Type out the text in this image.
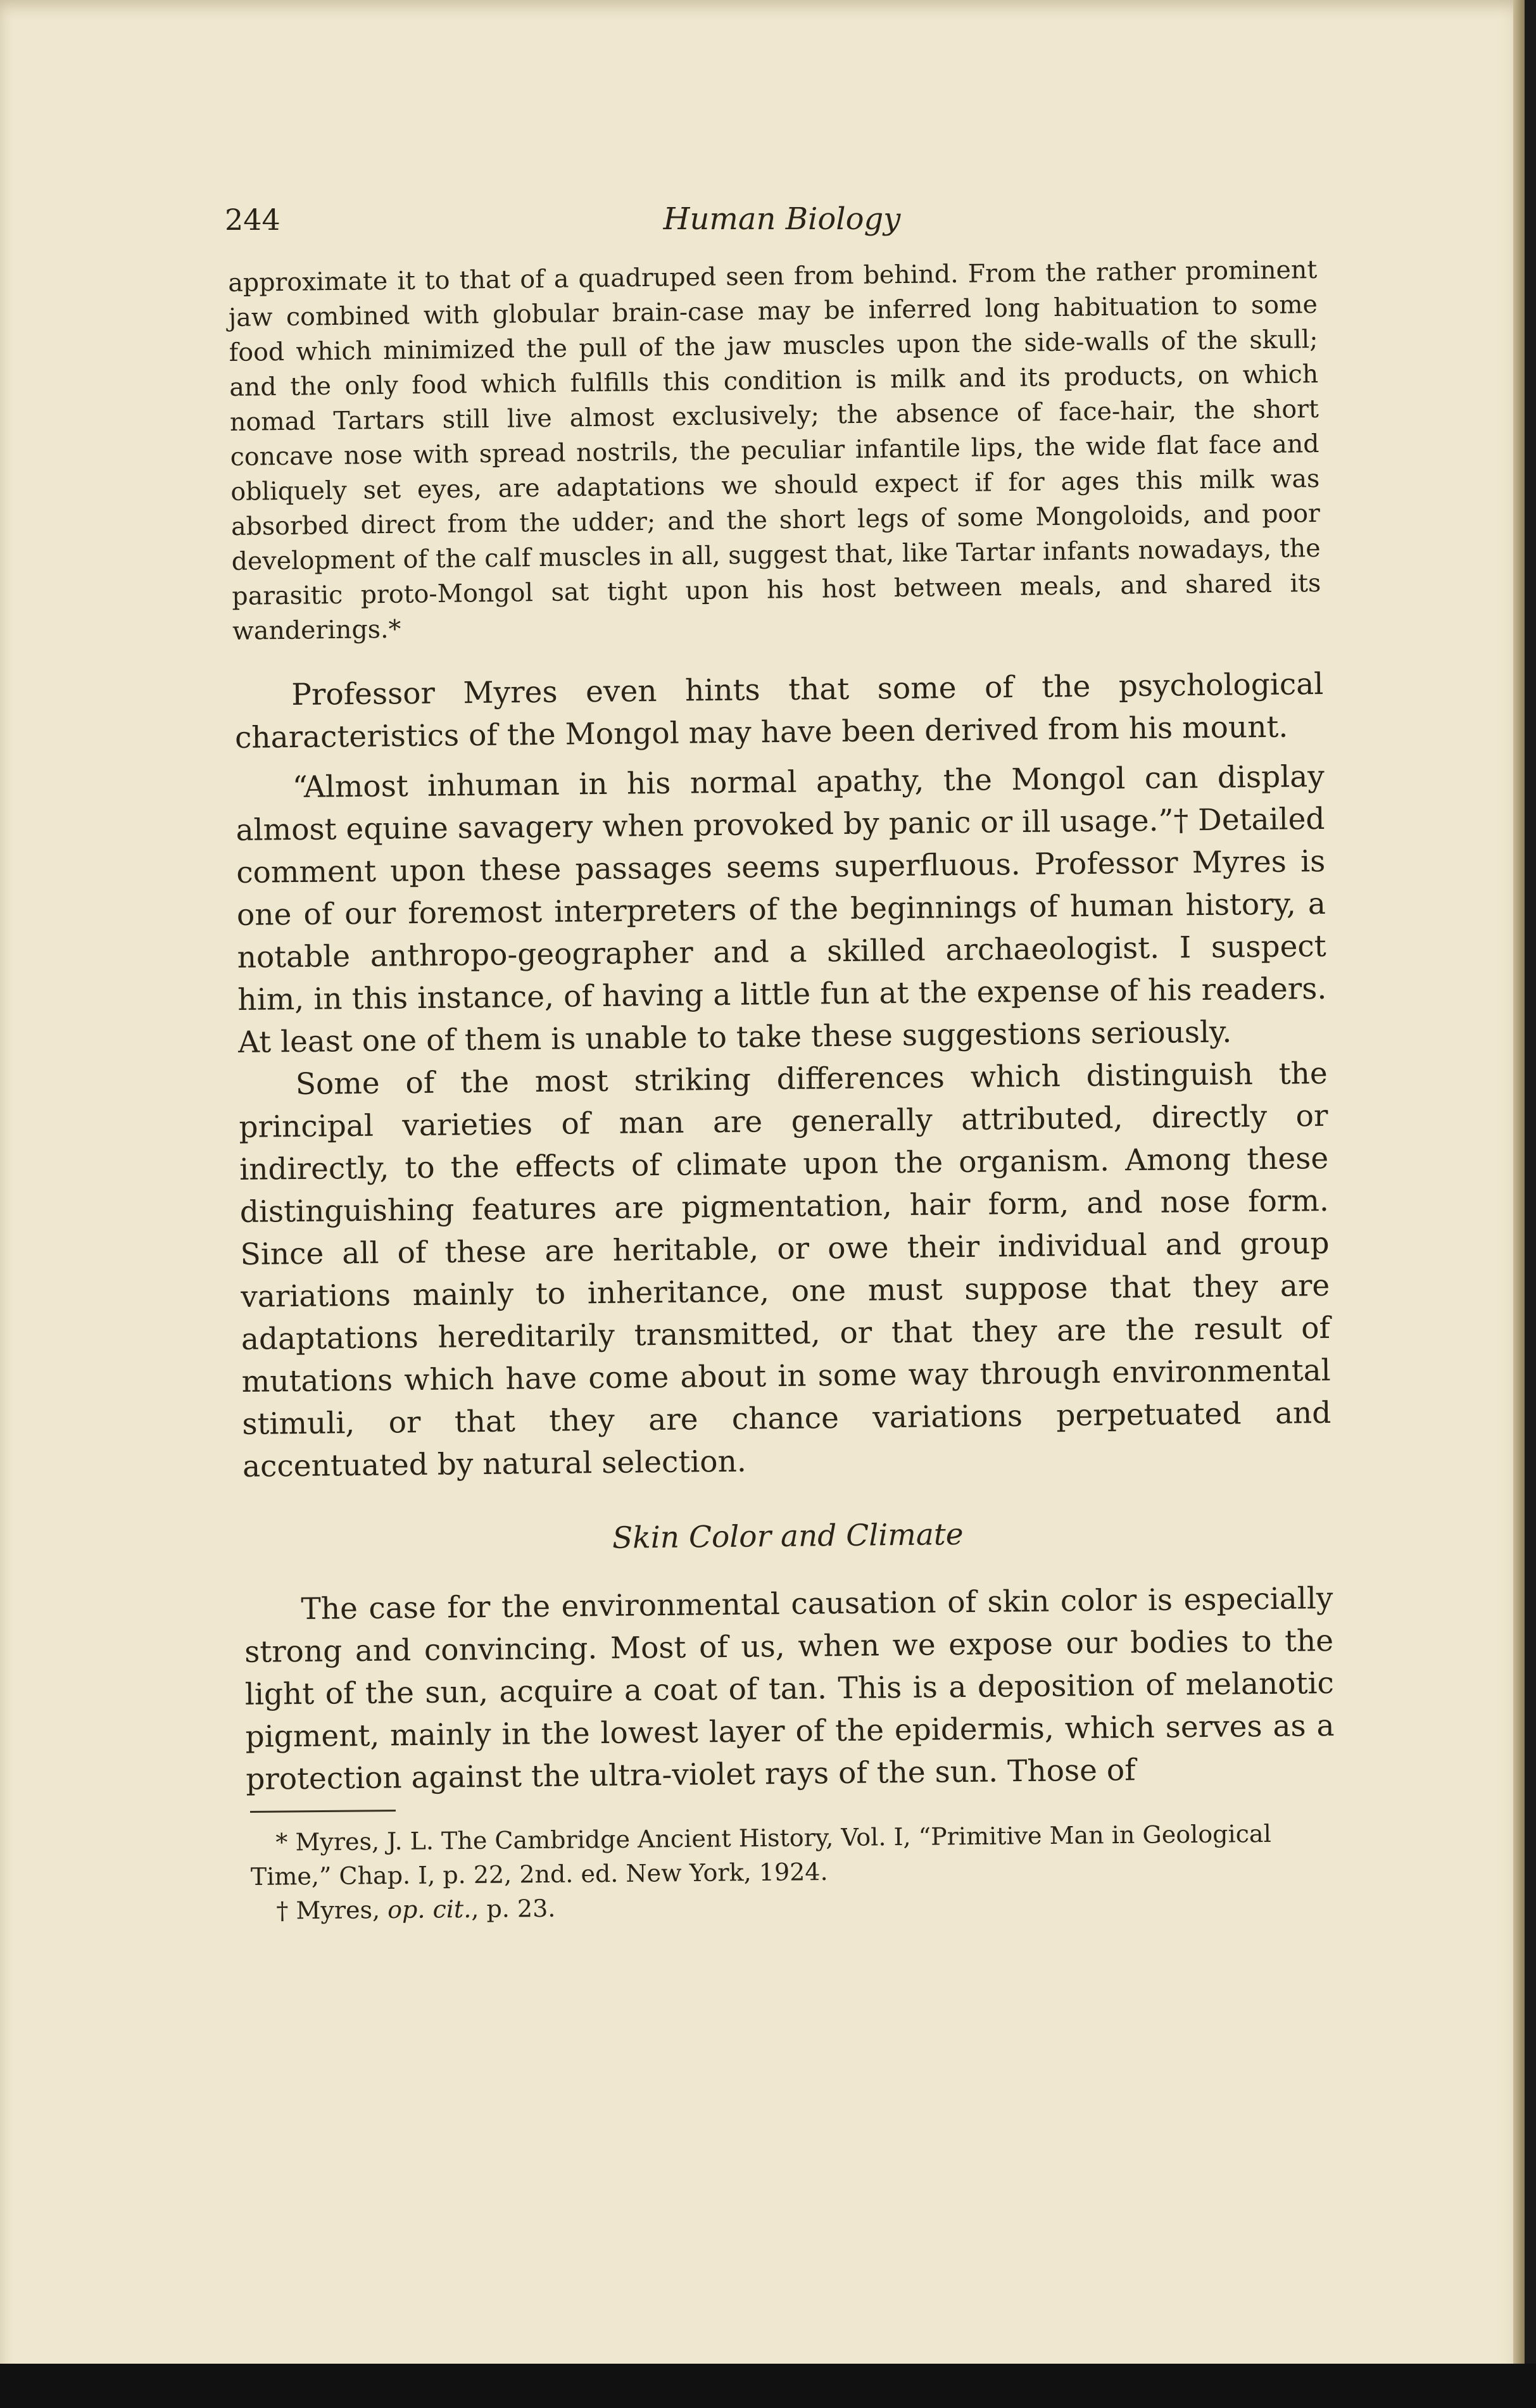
244	Human Biology
approximate it to that of a quadruped seen from behind. From the rather prominent jaw combined with globular brain-case may be inferred long habituation to some food which minimized the pull of the jaw muscles upon the side-walls of the skull; and the only food which fulfills this condition is milk and its products, on which nomad Tartars still live almost exclusively; the absence of face-hair, the short concave nose with spread nostrils, the peculiar infantile lips, the wide flat face and obliquely set eyes, are adaptations we should expect if for ages this milk was absorbed direct from the udder; and the short legs of some Mongoloids, and poor development of the calf muscles in all, suggest that, like Tartar infants nowadays, the parasitic proto-Mongol sat tight upon his host between meals, and shared its wanderings.*

Professor Myres even hints that some of the psychological characteristics of the Mongol may have been derived from his mount.

“Almost inhuman in his normal apathy, the Mongol can display almost equine savagery when provoked by panic or ill usage.”† Detailed comment upon these passages seems superfluous. Professor Myres is one of our foremost interpreters of the beginnings of human history, a notable anthropo-geographer and a skilled archaeologist. I suspect him, in this instance, of having a little fun at the expense of his readers. At least one of them is unable to take these suggestions seriously.

Some of the most striking differences which distinguish the principal varieties of man are generally attributed, directly or indirectly, to the effects of climate upon the organism. Among these distinguishing features are pigmentation, hair form, and nose form. Since all of these are heritable, or owe their individual and group variations mainly to inheritance, one must suppose that they are adaptations hereditarily transmitted, or that they are the result of mutations which have come about in some way through environmental stimuli, or that they are chance variations perpetuated and accentuated by natural selection.

Skin Color and Climate

The case for the environmental causation of skin color is especially strong and convincing. Most of us, when we expose our bodies to the light of the sun, acquire a coat of tan. This is a deposition of melanotic pigment, mainly in the lowest layer of the epidermis, which serves as a protection against the ultra-violet rays of the sun. Those of

* Myres, J. L. The Cambridge Ancient History, Vol. I, “Primitive Man in Geological Time,” Chap. I, p. 22, 2nd. ed. New York, 1924.

† Myres, op. cit., p. 23.
